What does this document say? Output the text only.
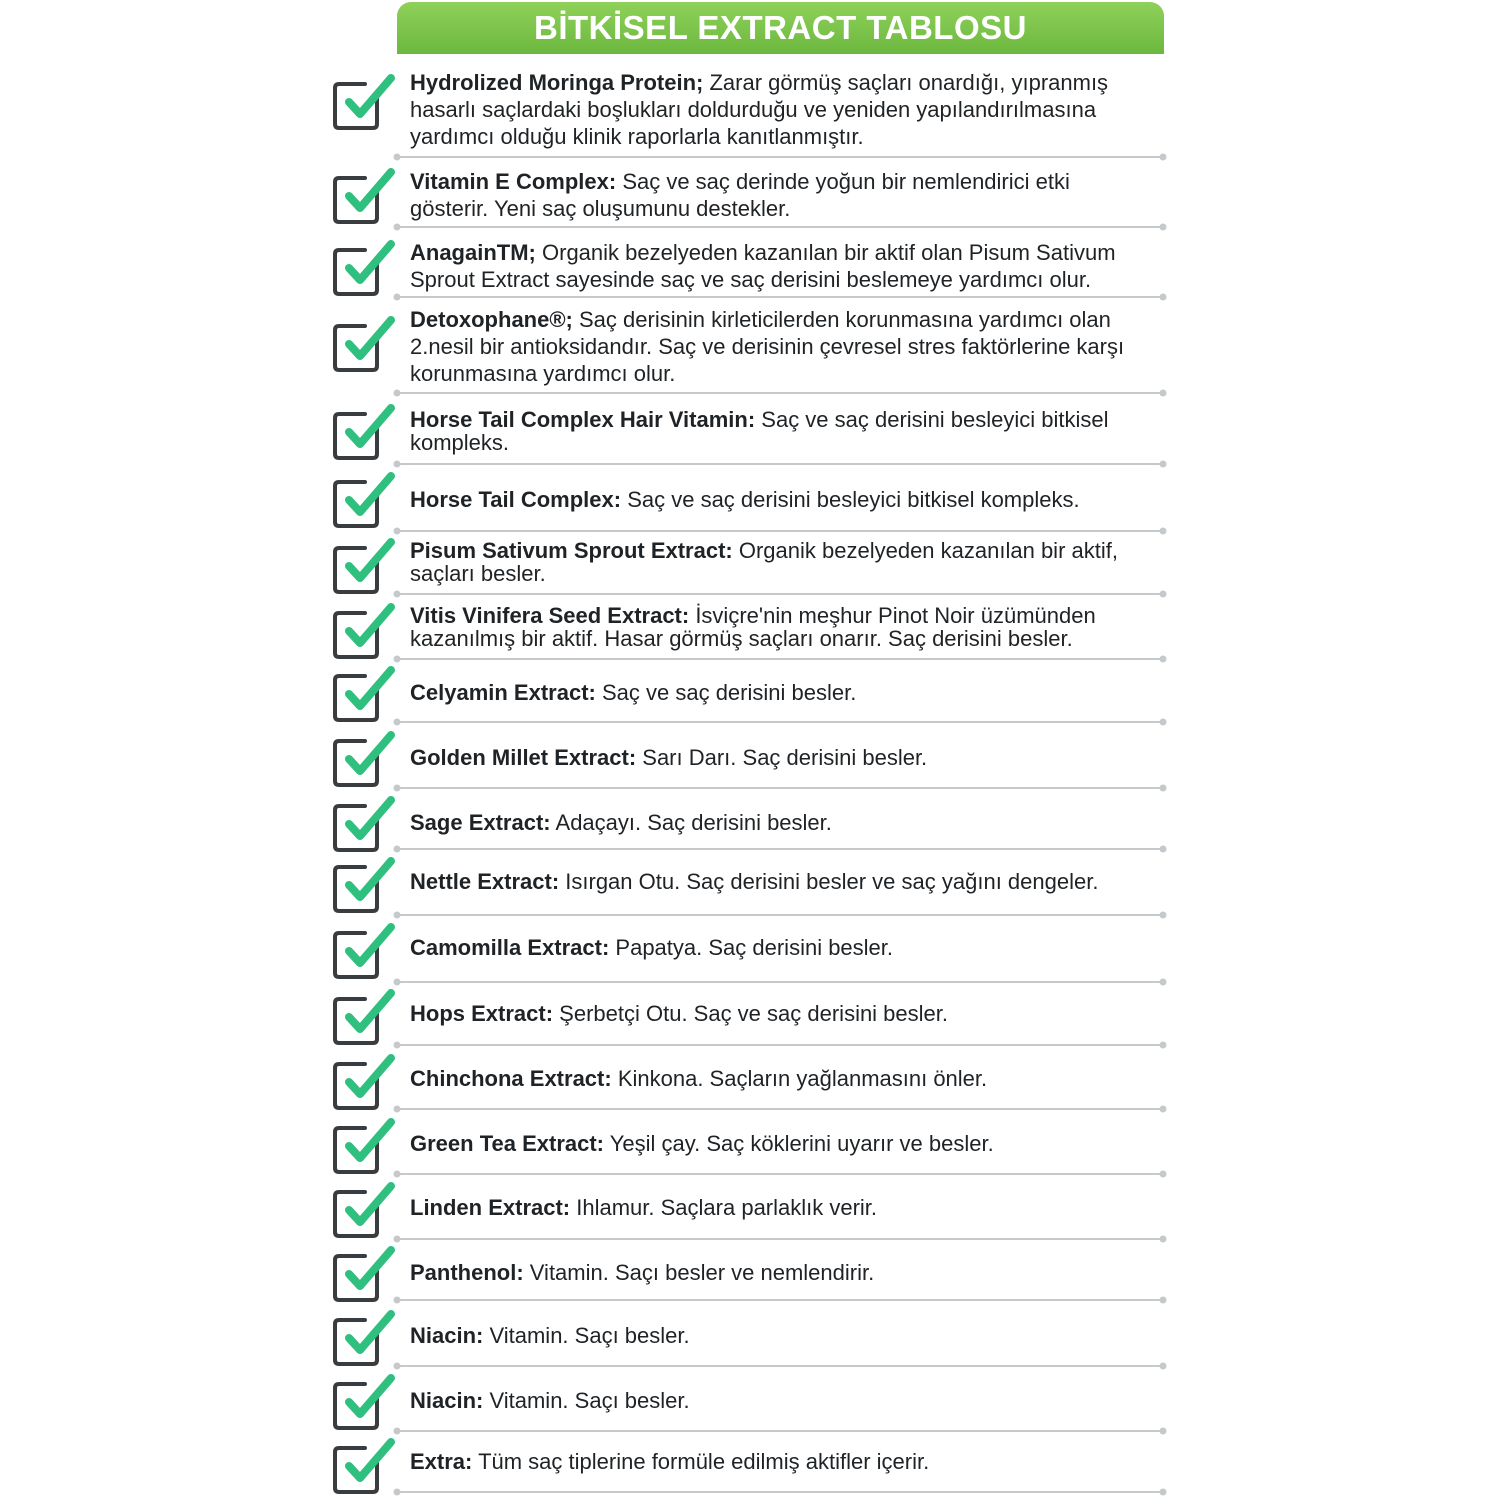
BİTKİSEL EXTRACT TABLOSU

Hydrolized Moringa Protein; Zarar görmüş saçları onardığı, yıpranmış hasarlı saçlardaki boşlukları doldurduğu ve yeniden yapılandırılmasına yardımcı olduğu klinik raporlarla kanıtlanmıştır.

Vitamin E Complex: Saç ve saç derinde yoğun bir nemlendirici etki gösterir. Yeni saç oluşumunu destekler.

AnagainTM; Organik bezelyeden kazanılan bir aktif olan Pisum Sativum Sprout Extract sayesinde saç ve saç derisini beslemeye yardımcı olur.

Detoxophane®; Saç derisinin kirleticilerden korunmasına yardımcı olan 2.nesil bir antioksidandır. Saç ve derisinin çevresel stres faktörlerine karşı korunmasına yardımcı olur.

Horse Tail Complex Hair Vitamin: Saç ve saç derisini besleyici bitkisel kompleks.

Horse Tail Complex: Saç ve saç derisini besleyici bitkisel kompleks.

Pisum Sativum Sprout Extract: Organik bezelyeden kazanılan bir aktif, saçları besler.

Vitis Vinifera Seed Extract: İsviçre'nin meşhur Pinot Noir üzümünden kazanılmış bir aktif. Hasar görmüş saçları onarır. Saç derisini besler.

Celyamin Extract: Saç ve saç derisini besler.

Golden Millet Extract: Sarı Darı. Saç derisini besler.

Sage Extract: Adaçayı. Saç derisini besler.

Nettle Extract: Isırgan Otu. Saç derisini besler ve saç yağını dengeler.

Camomilla Extract: Papatya. Saç derisini besler.

Hops Extract: Şerbetçi Otu. Saç ve saç derisini besler.

Chinchona Extract: Kinkona. Saçların yağlanmasını önler.

Green Tea Extract: Yeşil çay. Saç köklerini uyarır ve besler.

Linden Extract: Ihlamur. Saçlara parlaklık verir.

Panthenol: Vitamin. Saçı besler ve nemlendirir.

Niacin: Vitamin. Saçı besler.

Niacin: Vitamin. Saçı besler.

Extra: Tüm saç tiplerine formüle edilmiş aktifler içerir.
